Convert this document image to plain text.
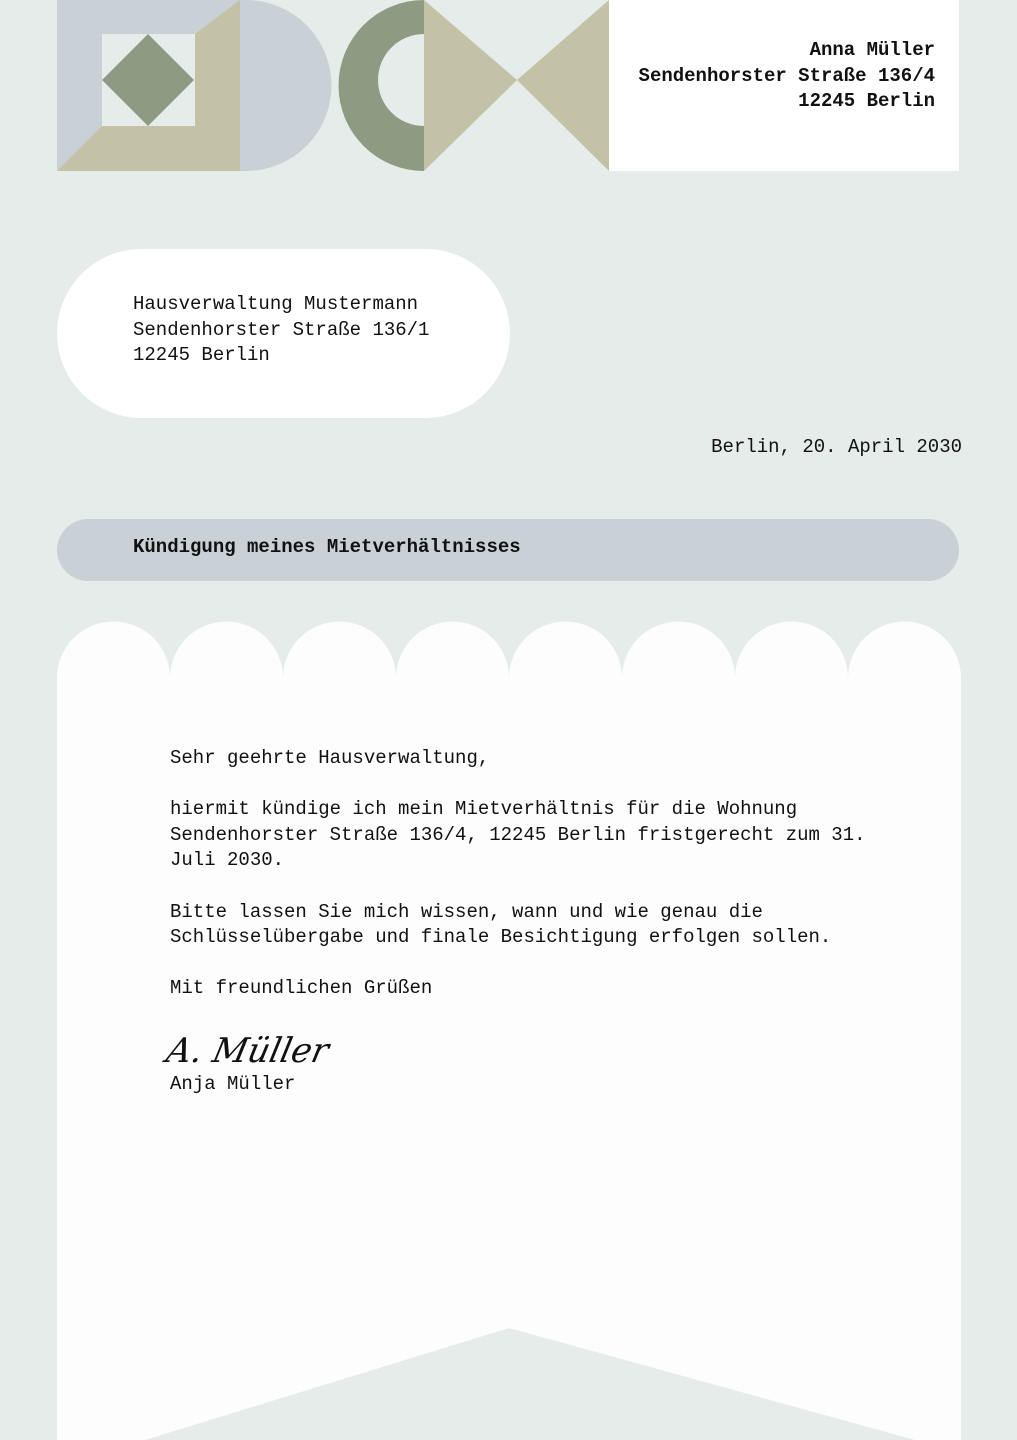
Anna Müller
Sendenhorster Straße 136/4
12245 Berlin
Hausverwaltung Mustermann
Sendenhorster Straße 136/1
12245 Berlin
Berlin, 20. April 2030
Kündigung meines Mietverhältnisses

Sehr geehrte Hausverwaltung,

hiermit kündige ich mein Mietverhältnis für die Wohnung Sendenhorster Straße 136/4, 12245 Berlin fristgerecht zum 31. Juli 2030.

Bitte lassen Sie mich wissen, wann und wie genau die Schlüsselübergabe und finale Besichtigung erfolgen sollen.

Mit freundlichen Grüßen

A. Müller
Anja Müller
